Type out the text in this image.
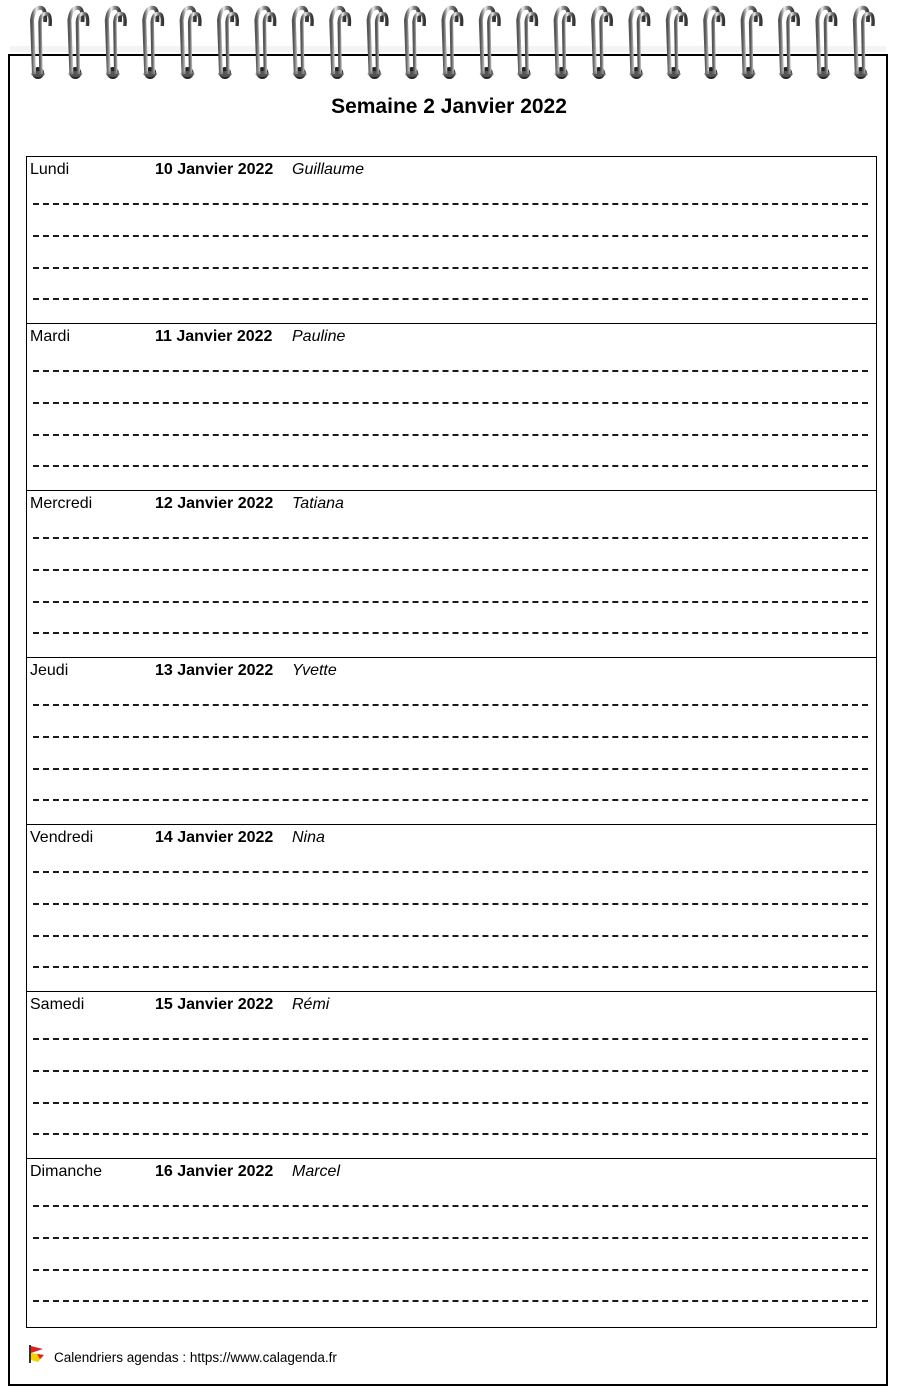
Semaine 2 Janvier 2022
Lundi	10 Janvier 2022 Guillaume
Mardi	11 Janvier 2022 Pauline
Mercredi	12 Janvier 2022 Tatiana
Jeudi	13 Janvier 2022 Yvette
Vendredi	14 Janvier 2022 Nina
Samedi	15 Janvier 2022 Rémi
Dimanche	16 Janvier 2022 Marcel
Calendriers agendas : https://www.calagenda.fr
